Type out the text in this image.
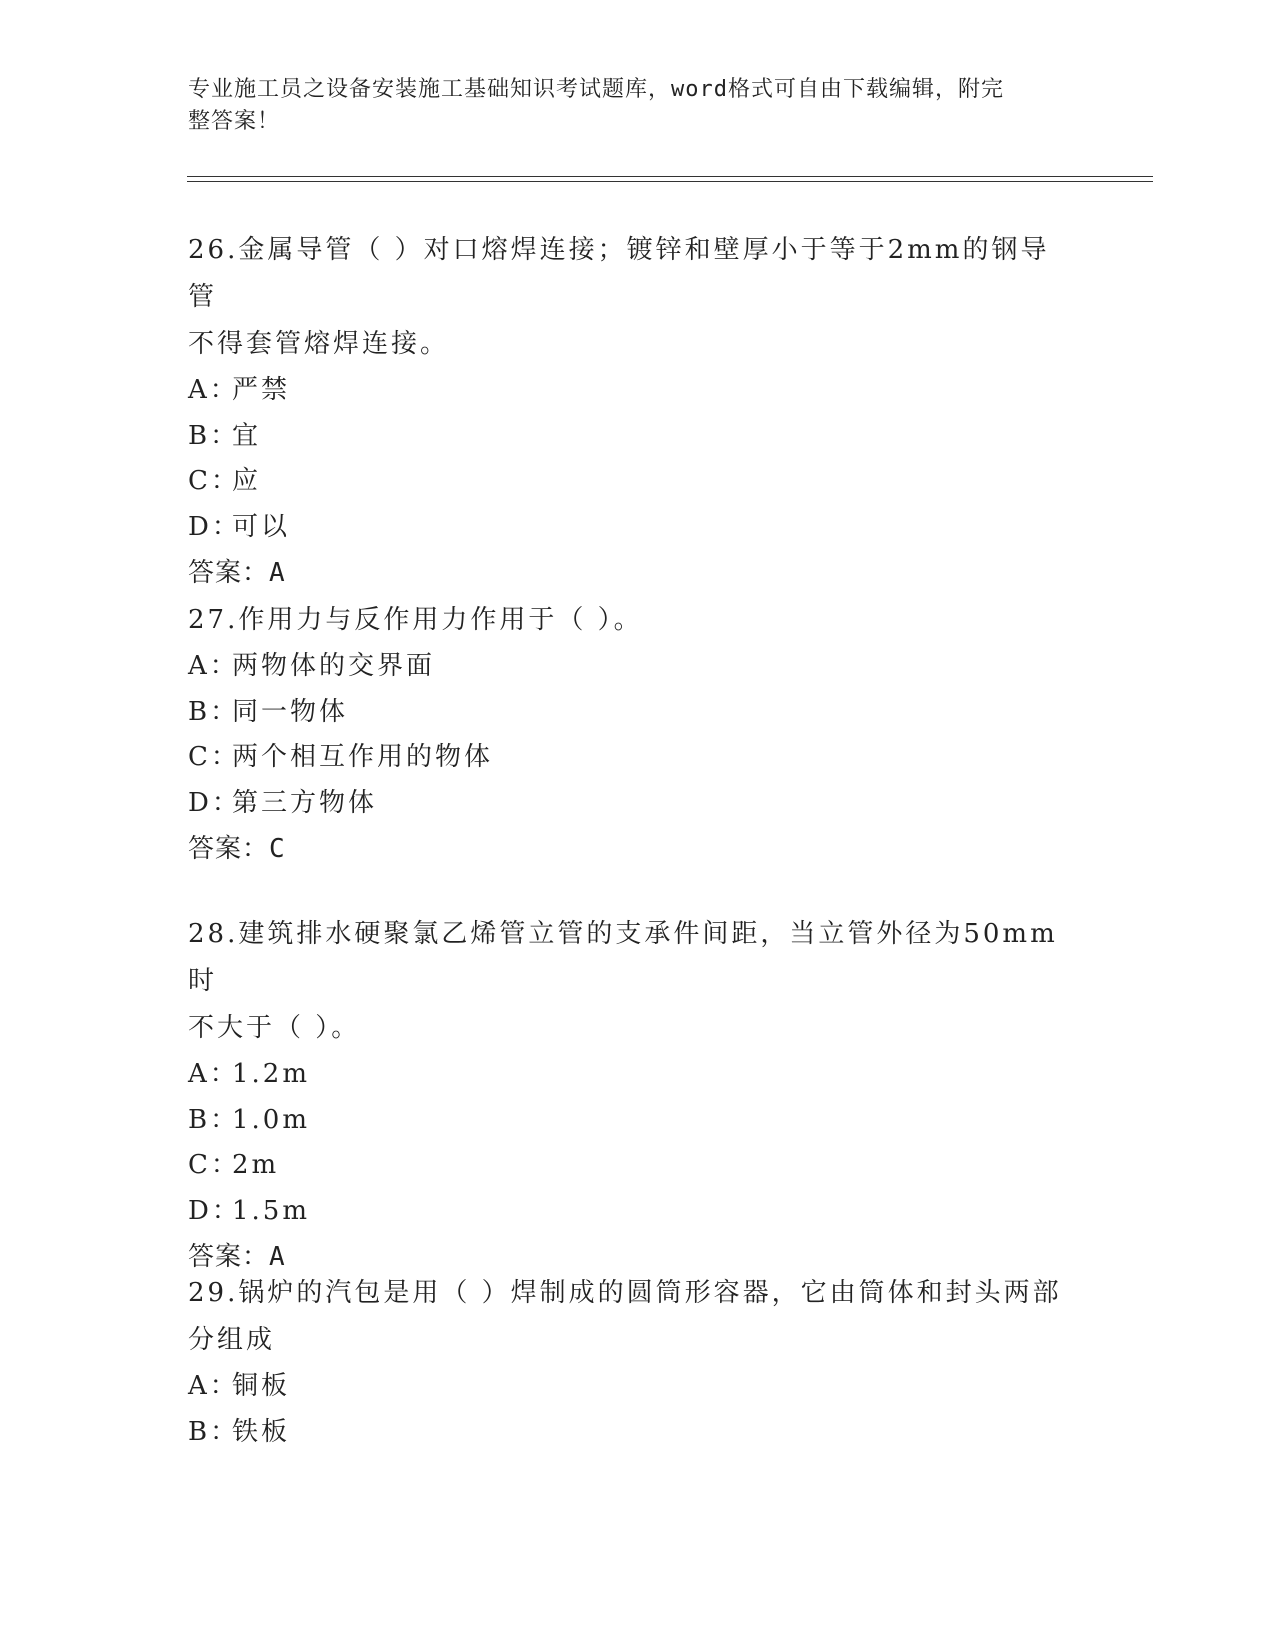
专业施工员之设备安装施工基础知识考试题库，word格式可自由下载编辑，附完
整答案！
26.金属导管（ ）对口熔焊连接；镀锌和壁厚小于等于2mm的钢导管
不得套管熔焊连接。
A：严禁
B：宜
C：应
D：可以
答案：A
27.作用力与反作用力作用于（ ）。
A：两物体的交界面
B：同一物体
C：两个相互作用的物体
D：第三方物体
答案：C
28.建筑排水硬聚氯乙烯管立管的支承件间距，当立管外径为50mm时
不大于（ ）。
A：1.2m
B：1.0m
C：2m
D：1.5m
答案：A
29.锅炉的汽包是用（ ）焊制成的圆筒形容器，它由筒体和封头两部
分组成
A：铜板
B：铁板
